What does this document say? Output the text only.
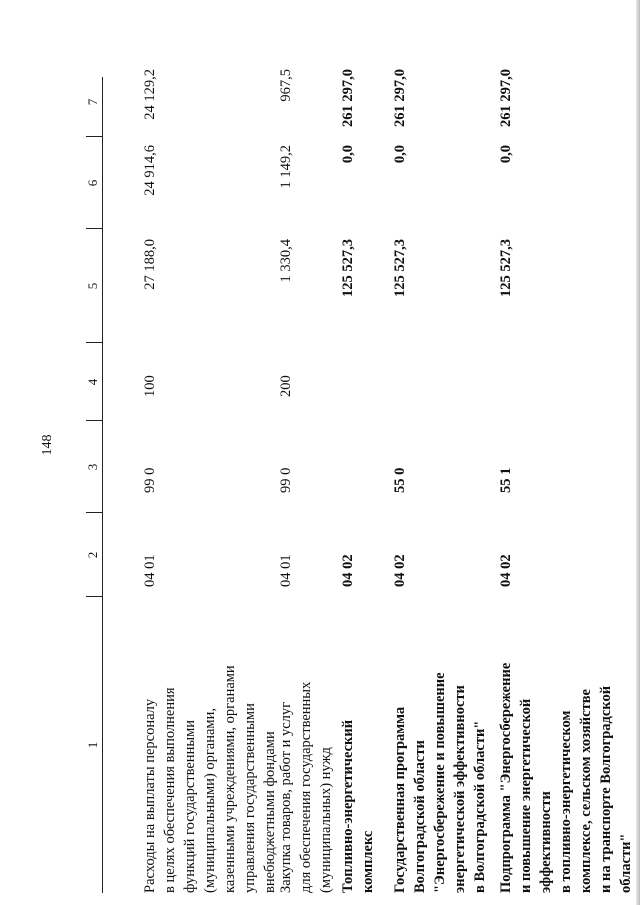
148
1
2
3
4
5
6
7
Расходы на выплаты персоналу
в целях обеспечения выполнения
функций государственными
(муниципальными) органами,
казенными учреждениями, органами
управления государственными
внебюджетными фондами
04 01
99 0
100
27 188,0
24 914,6
24 129,2
Закупка товаров, работ и услуг
для обеспечения государственных
(муниципальных) нужд
04 01
99 0
200
1 330,4
1 149,2
967,5
Топливно-энергетический
комплекс
04 02
125 527,3
0,0
261 297,0
Государственная программа
Волгоградской области
"Энергосбережение и повышение
энергетической эффективности
в Волгоградской области"
04 02
55 0
125 527,3
0,0
261 297,0
Подпрограмма "Энергосбережение
и повышение энергетической
эффективности
в топливно-энергетическом
комплексе, сельском хозяйстве
и на транспорте Волгоградской
области"
04 02
55 1
125 527,3
0,0
261 297,0
